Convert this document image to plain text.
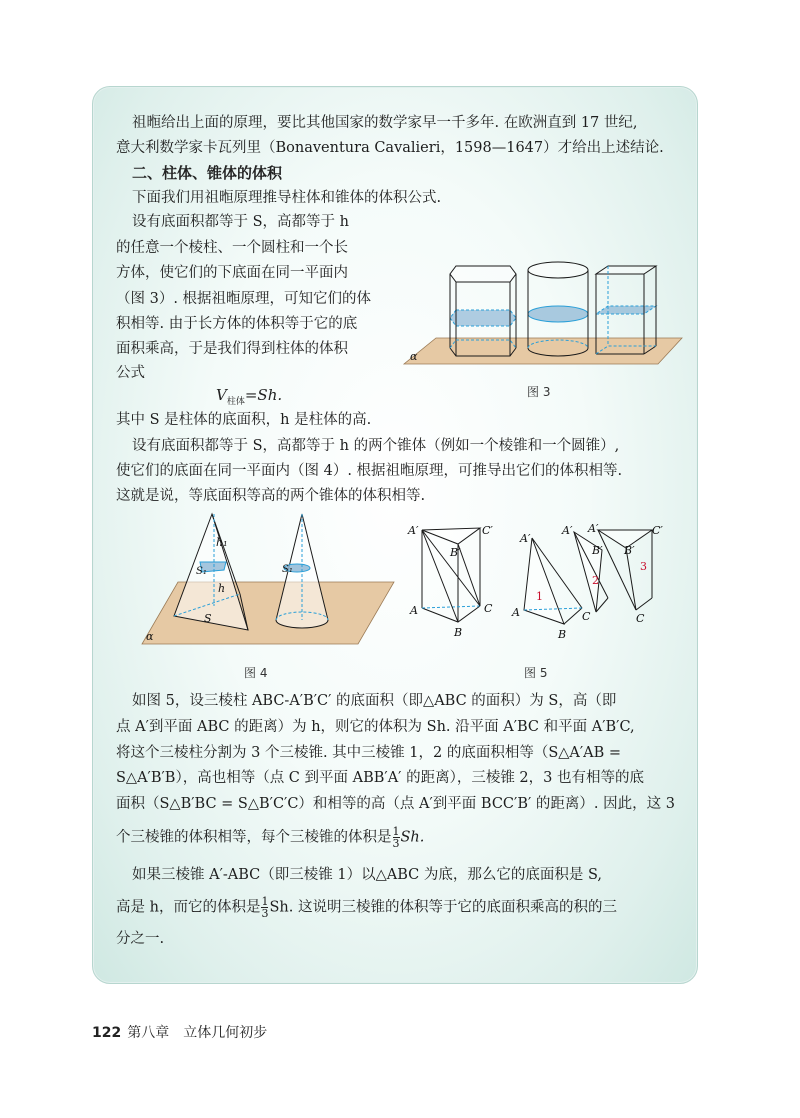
祖暅给出上面的原理，要比其他国家的数学家早一千多年. 在欧洲直到 17 世纪,
意大利数学家卡瓦列里（Bonaventura Cavalieri，1598—1647）才给出上述结论.
二、柱体、锥体的体积
下面我们用祖暅原理推导柱体和锥体的体积公式.
设有底面积都等于 S，高都等于 h
的任意一个棱柱、一个圆柱和一个长
方体，使它们的下底面在同一平面内
（图 3）. 根据祖暅原理，可知它们的体
积相等. 由于长方体的体积等于它的底
面积乘高，于是我们得到柱体的体积
公式
$V_{柱体}=Sh$.
其中 S 是柱体的底面积，h 是柱体的高.
设有底面积都等于 S，高都等于 h 的两个锥体（例如一个棱锥和一个圆锥）,
使它们的底面在同一平面内（图 4）. 根据祖暅原理，可推导出它们的体积相等.
这就是说，等底面积等高的两个锥体的体积相等.
α
图 3
α
h₁
S₁
h
S
S₁
图 4
A′
B′
C′
A
B
C
A′
A′ A′
B′ B′
C′
A
B
C	C
1
2
3
图 5
如图 5，设三棱柱 ABC-A′B′C′ 的底面积（即△ABC 的面积）为 S，高（即
点 A′到平面 ABC 的距离）为 h，则它的体积为 Sh. 沿平面 A′BC 和平面 A′B′C,
将这个三棱柱分割为 3 个三棱锥. 其中三棱锥 1，2 的底面积相等（S△A′AB =
S△A′B′B），高也相等（点 C 到平面 ABB′A′ 的距离），三棱锥 2，3 也有相等的底
面积（S△B′BC = S△B′C′C）和相等的高（点 A′到平面 BCC′B′ 的距离）. 因此，这 3
个三棱锥的体积相等，每个三棱锥的体积是 $\frac{1}{3} Sh$.
如果三棱锥 A′-ABC（即三棱锥 1）以△ABC 为底，那么它的底面积是 S,
高是 h，而它的体积是 $\frac{1}{3} Sh$. 这说明三棱锥的体积等于它的底面积乘高的积的三
分之一.
122 第八章　立体几何初步
